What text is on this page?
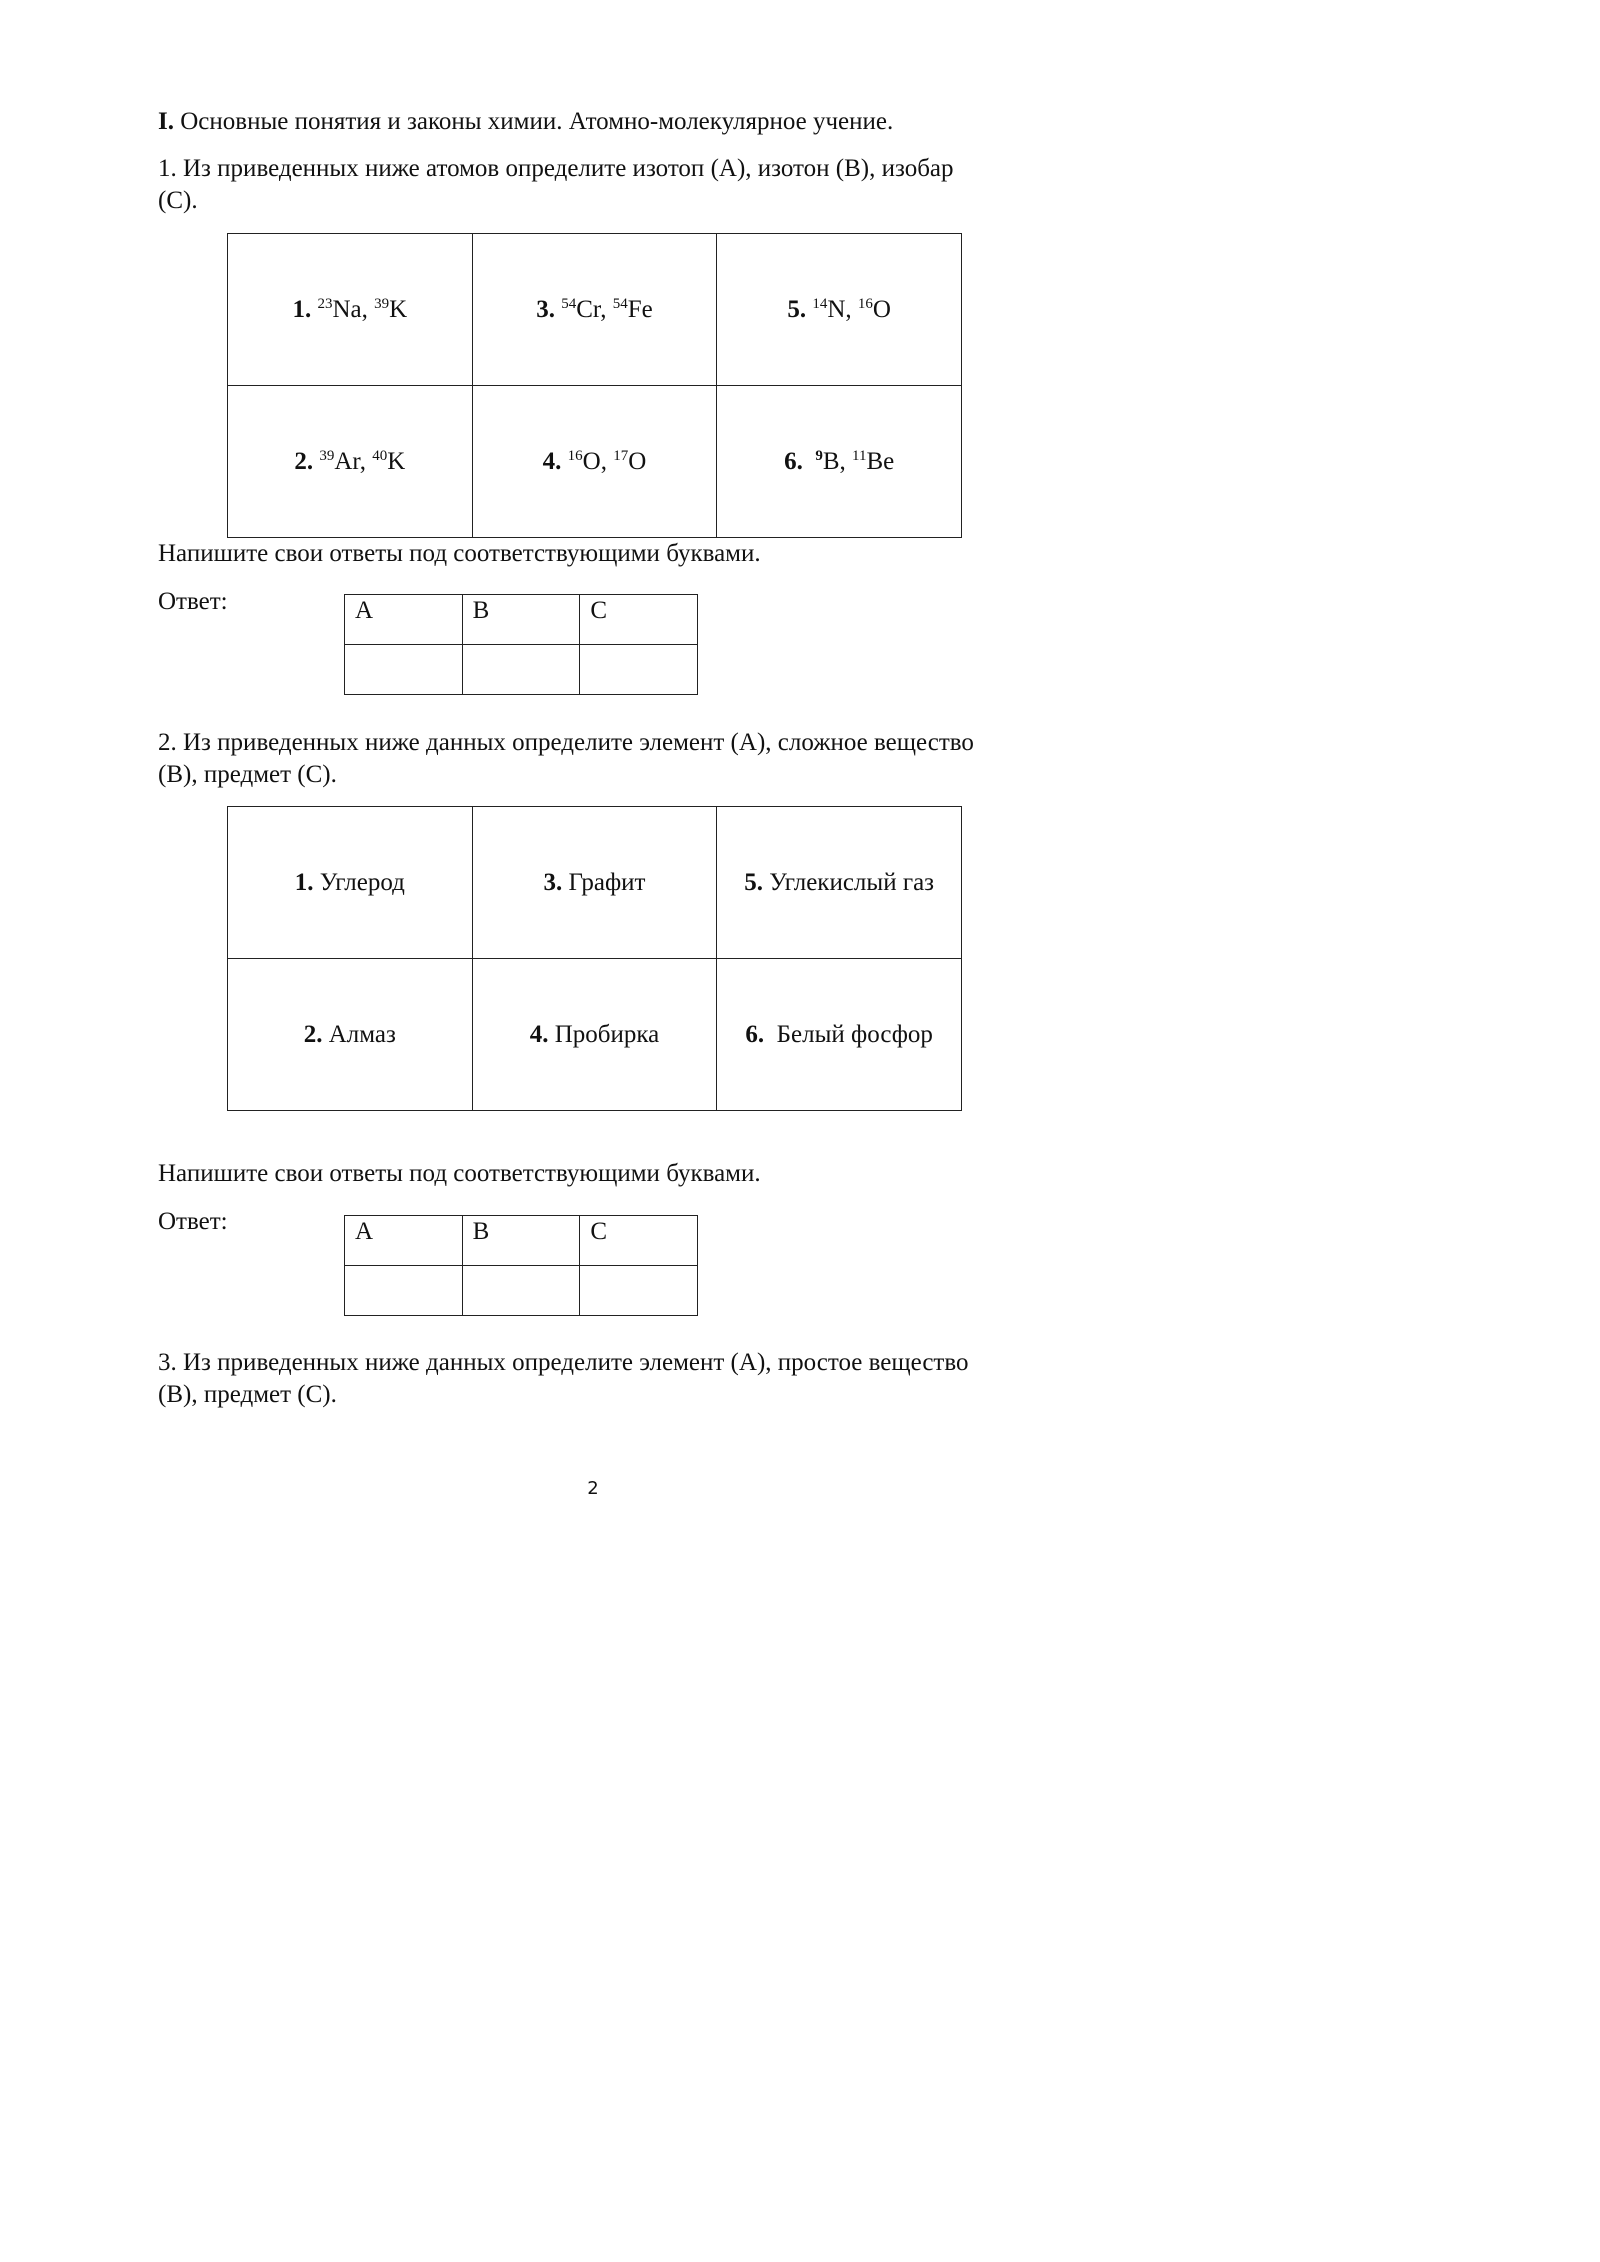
I. Основные понятия и законы химии. Атомно-молекулярное учение.
1. Из приведенных ниже атомов определите изотоп (А), изотон (В), изобар
(С).
1. $^{23}$Na, $^{39}$K	3. $^{54}$Cr, $^{54}$Fe	5. $^{14}$N, $^{16}$O
2. $^{39}$Ar, $^{40}$K	4. $^{16}$O, $^{17}$O	6. $^9$B, $^{11}$Be
Напишите свои ответы под соответствующими буквами.
Ответ:	А	В	С

2. Из приведенных ниже данных определите элемент (А), сложное вещество
(В), предмет (С).
1. Углерод	3. Графит	5. Углекислый газ
2. Алмаз	4. Пробирка	6. Белый фосфор
Напишите свои ответы под соответствующими буквами.
Ответ:	А	В	С

3. Из приведенных ниже данных определите элемент (А), простое вещество
(В), предмет (С).
2
